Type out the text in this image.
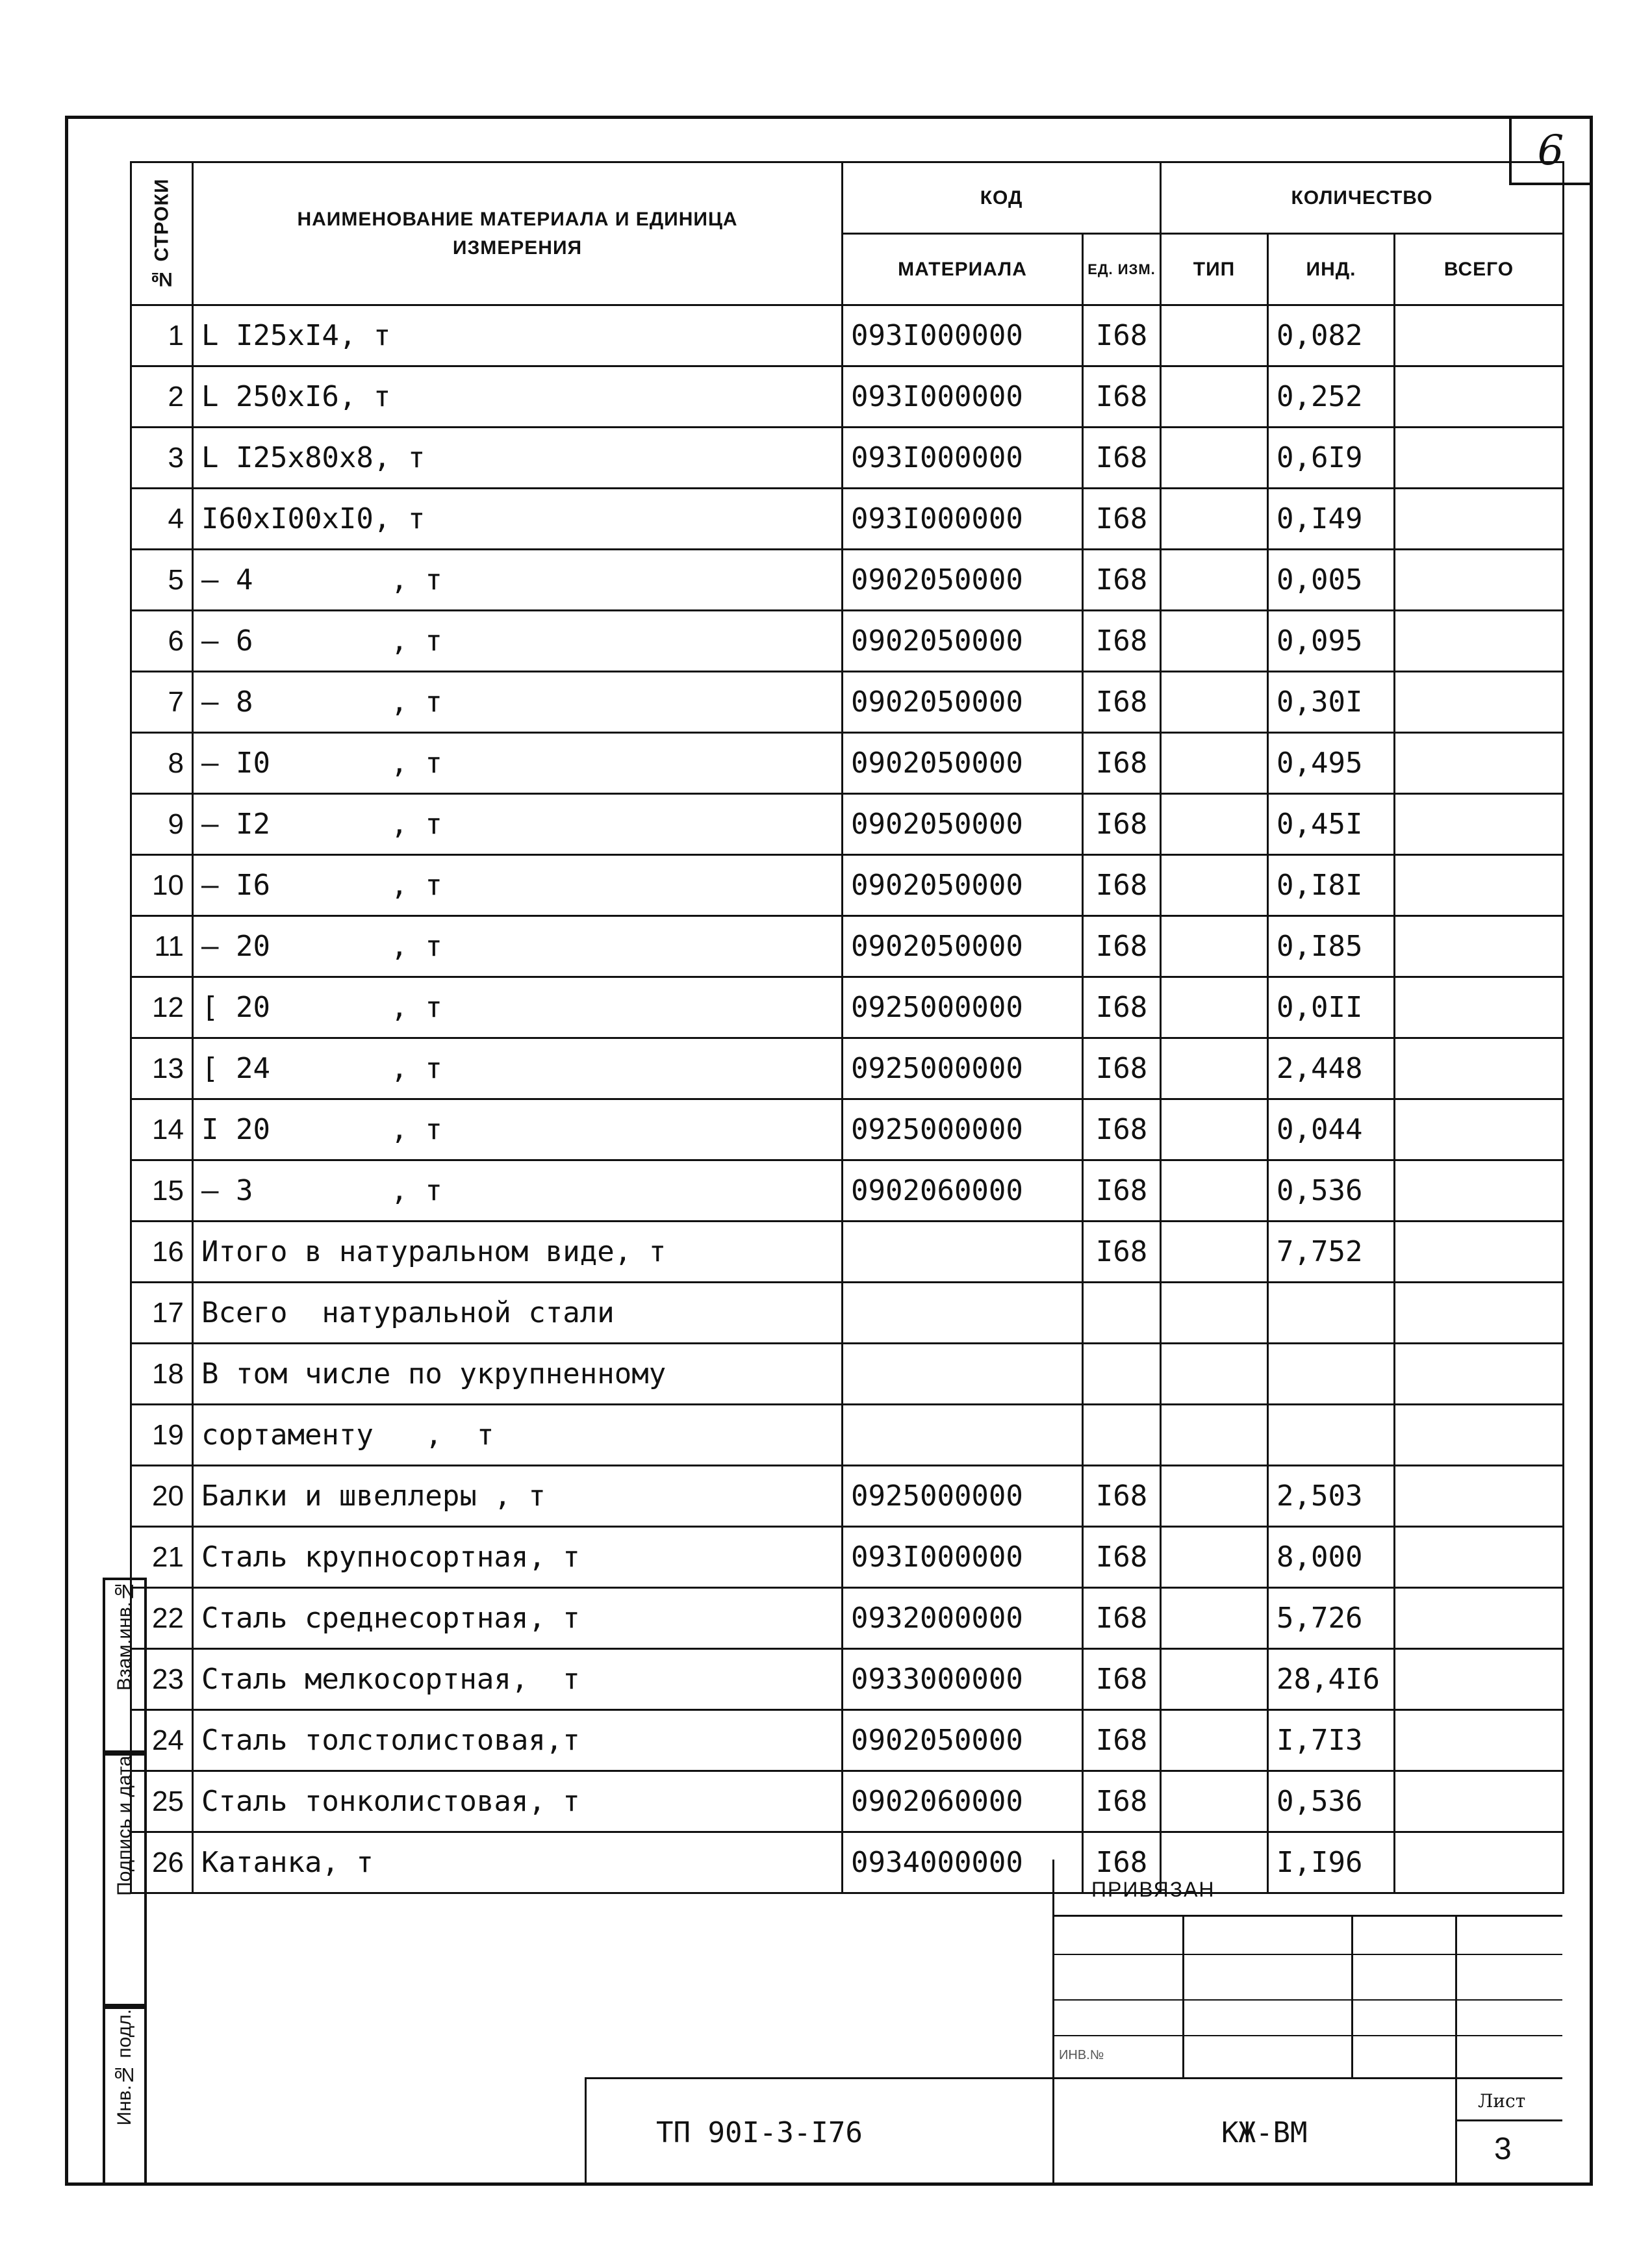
6
№ СТРОКИ	НАИМЕНОВАНИЕ МАТЕРИАЛА И ЕДИНИЦА ИЗМЕРЕНИЯ	КОД		КОЛИЧЕСТВО		
		МАТЕРИАЛА	ЕД. ИЗМ.	ТИП	ИНД.	ВСЕГО
1	L I25xI4, т	093I000000	I68		0,082	
2	L 250xI6, т	093I000000	I68		0,252	
3	L I25x80x8, т	093I000000	I68		0,6I9	
4	I60xI00xI0, т	093I000000	I68		0,I49	
5	– 4        , т	0902050000	I68		0,005	
6	– 6        , т	0902050000	I68		0,095	
7	– 8        , т	0902050000	I68		0,30I	
8	– I0       , т	0902050000	I68		0,495	
9	– I2       , т	0902050000	I68		0,45I	
10	– I6       , т	0902050000	I68		0,I8I	
11	– 20       , т	0902050000	I68		0,I85	
12	[ 20       , т	0925000000	I68		0,0II	
13	[ 24       , т	0925000000	I68		2,448	
14	I 20       , т	0925000000	I68		0,044	
15	– 3        , т	0902060000	I68		0,536	
16	Итого в натуральном виде, т		I68		7,752	
17	Всего  натуральной стали					
18	В том числе по укрупненному					
19	сортаменту   ,  т					
20	Балки и швеллеры , т	0925000000	I68		2,503	
21	Сталь крупносортная, т	093I000000	I68		8,000	
22	Сталь среднесортная, т	0932000000	I68		5,726	
23	Сталь мелкосортная,  т	0933000000	I68		28,4I6	
24	Сталь толстолистовая,т	0902050000	I68		I,7I3	
25	Сталь тонколистовая, т	0902060000	I68		0,536	
26	Катанка, т	0934000000	I68		I,I96	
Взам.инв.№
Подпись и дата
Инв.№ подл.
ПРИВЯЗАН
ИНВ.№
ТП 90I-3-I76	КЖ-ВМ
Лист
3
